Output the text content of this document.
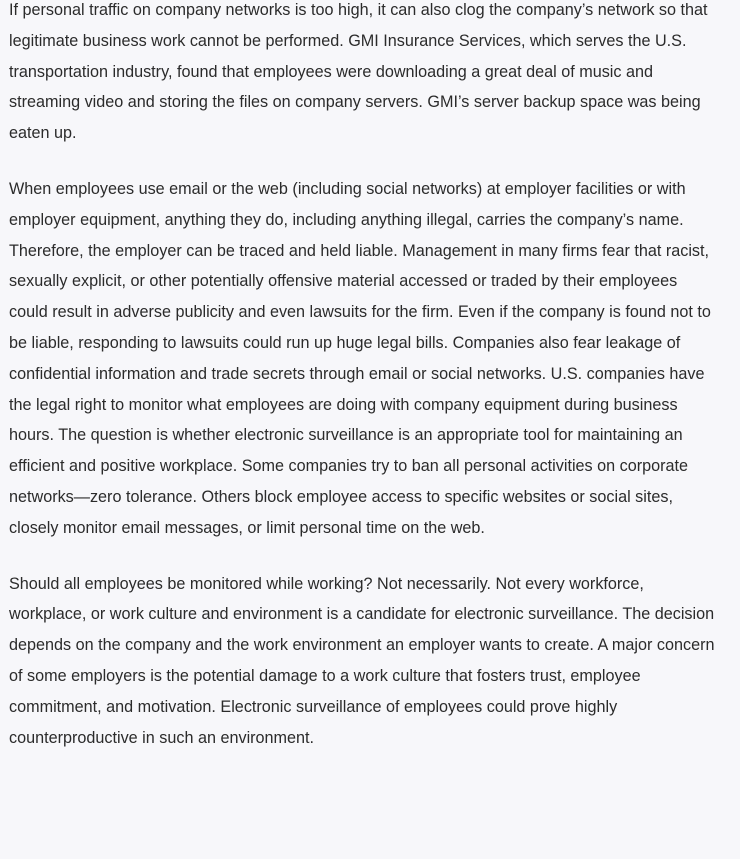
If personal traffic on company networks is too high, it can also clog the company’s network so that legitimate business work cannot be performed. GMI Insurance Services, which serves the U.S. transportation industry, found that employees were downloading a great deal of music and streaming video and storing the files on company servers. GMI’s server backup space was being eaten up.

When employees use email or the web (including social networks) at employer facilities or with employer equipment, anything they do, including anything illegal, carries the company’s name. Therefore, the employer can be traced and held liable. Management in many firms fear that racist, sexually explicit, or other potentially offensive material accessed or traded by their employees could result in adverse publicity and even lawsuits for the firm. Even if the company is found not to be liable, responding to lawsuits could run up huge legal bills. Companies also fear leakage of confidential information and trade secrets through email or social networks. U.S. companies have the legal right to monitor what employees are doing with company equipment during business hours. The question is whether electronic surveillance is an appropriate tool for maintaining an efficient and positive workplace. Some companies try to ban all personal activities on corporate networks—zero tolerance. Others block employee access to specific websites or social sites, closely monitor email messages, or limit personal time on the web.

Should all employees be monitored while working? Not necessarily. Not every workforce, workplace, or work culture and environment is a candidate for electronic surveillance. The decision depends on the company and the work environment an employer wants to create. A major concern of some employers is the potential damage to a work culture that fosters trust, employee commitment, and motivation. Electronic surveillance of employees could prove highly counterproductive in such an environment.
